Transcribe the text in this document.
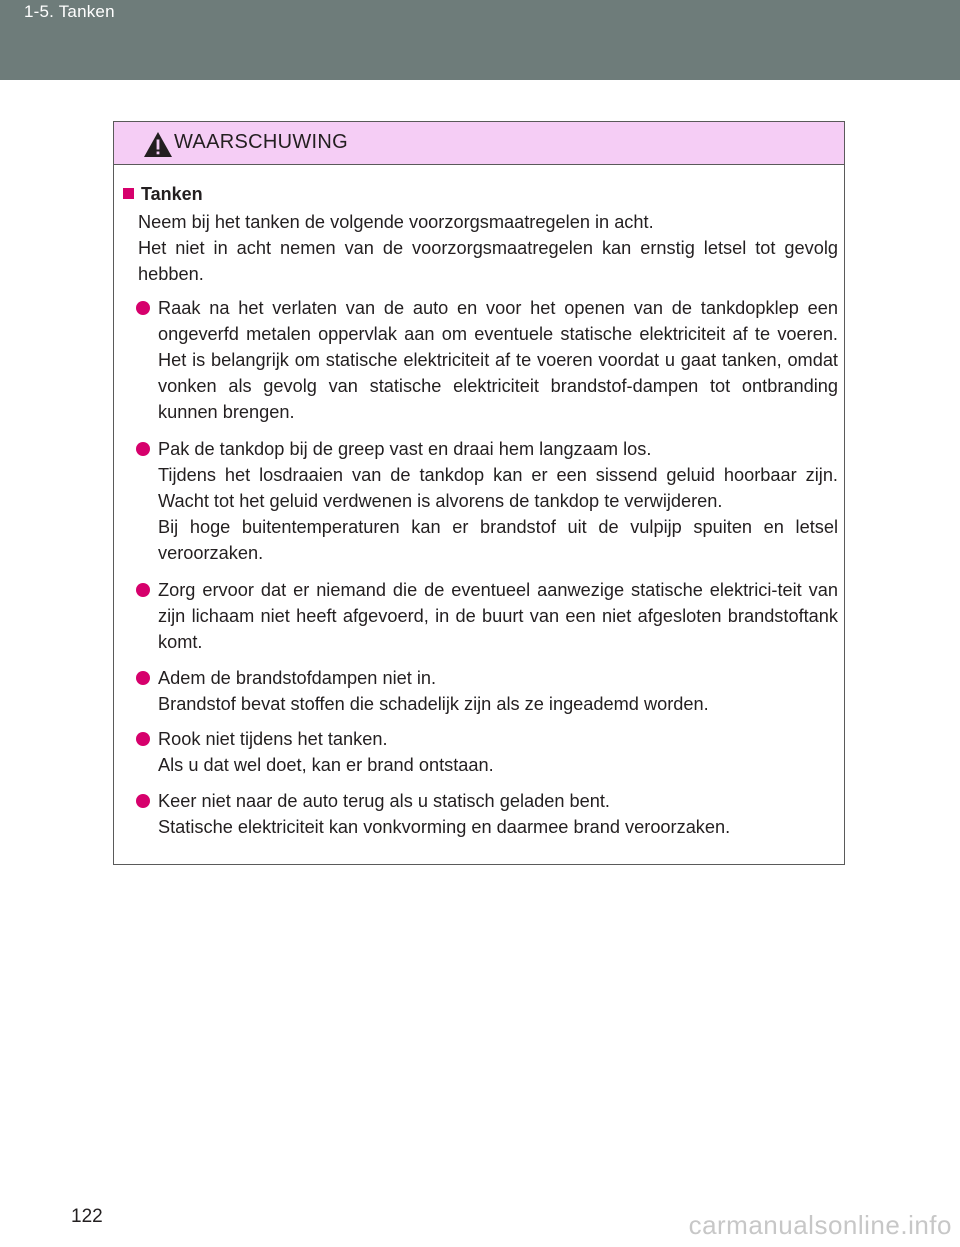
1-5. Tanken
WAARSCHUWING
Tanken

Neem bij het tanken de volgende voorzorgsmaatregelen in acht.

Het niet in acht nemen van de voorzorgsmaatregelen kan ernstig letsel tot gevolg hebben.

Raak na het verlaten van de auto en voor het openen van de tankdopklep een ongeverfd metalen oppervlak aan om eventuele statische elektriciteit af te voeren. Het is belangrijk om statische elektriciteit af te voeren voordat u gaat tanken, omdat vonken als gevolg van statische elektriciteit brandstof-dampen tot ontbranding kunnen brengen.

Pak de tankdop bij de greep vast en draai hem langzaam los.

Tijdens het losdraaien van de tankdop kan er een sissend geluid hoorbaar zijn. Wacht tot het geluid verdwenen is alvorens de tankdop te verwijderen.

Bij hoge buitentemperaturen kan er brandstof uit de vulpijp spuiten en letsel veroorzaken.

Zorg ervoor dat er niemand die de eventueel aanwezige statische elektrici-teit van zijn lichaam niet heeft afgevoerd, in de buurt van een niet afgesloten brandstoftank komt.

Adem de brandstofdampen niet in.

Brandstof bevat stoffen die schadelijk zijn als ze ingeademd worden.

Rook niet tijdens het tanken.

Als u dat wel doet, kan er brand ontstaan.

Keer niet naar de auto terug als u statisch geladen bent.

Statische elektriciteit kan vonkvorming en daarmee brand veroorzaken.

122	carmanualsonline.info
